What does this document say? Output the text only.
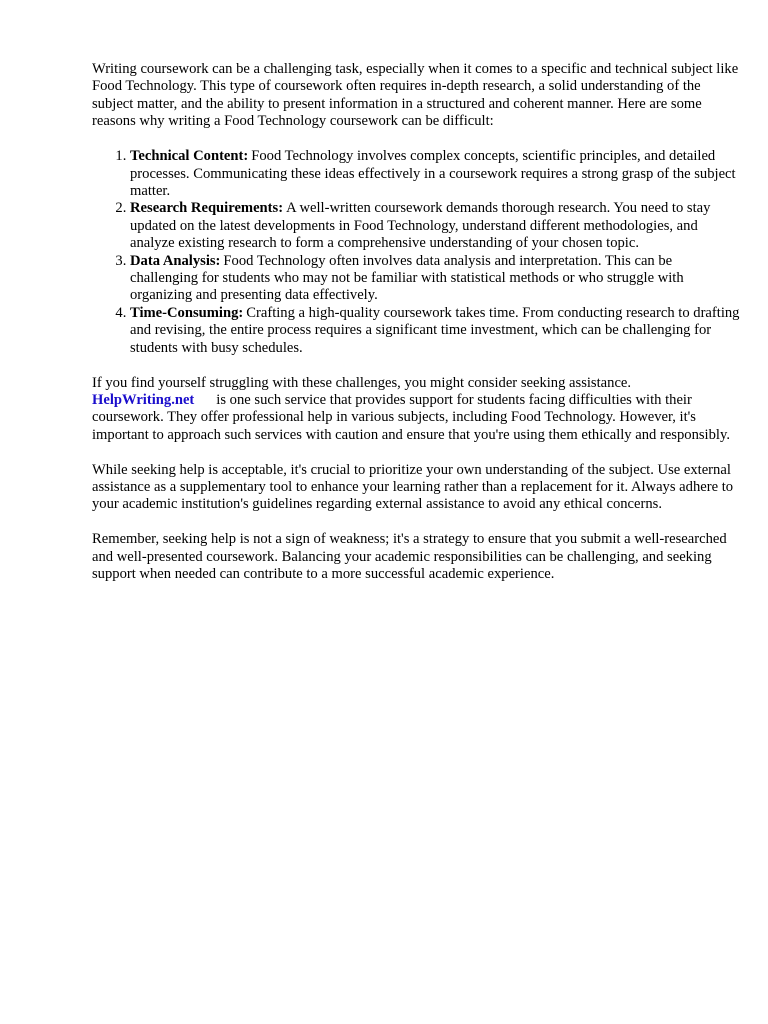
Writing coursework can be a challenging task, especially when it comes to a specific and technical subject like Food Technology. This type of coursework often requires in-depth research, a solid understanding of the subject matter, and the ability to present information in a structured and coherent manner. Here are some reasons why writing a Food Technology coursework can be difficult:

1. Technical Content: Food Technology involves complex concepts, scientific principles, and detailed processes. Communicating these ideas effectively in a coursework requires a strong grasp of the subject matter.
2. Research Requirements: A well-written coursework demands thorough research. You need to stay updated on the latest developments in Food Technology, understand different methodologies, and analyze existing research to form a comprehensive understanding of your chosen topic.
3. Data Analysis: Food Technology often involves data analysis and interpretation. This can be challenging for students who may not be familiar with statistical methods or who struggle with organizing and presenting data effectively.
4. Time-Consuming: Crafting a high-quality coursework takes time. From conducting research to drafting and revising, the entire process requires a significant time investment, which can be challenging for students with busy schedules.

If you find yourself struggling with these challenges, you might consider seeking assistance.
HelpWriting.net is one such service that provides support for students facing difficulties with their coursework. They offer professional help in various subjects, including Food Technology. However, it's important to approach such services with caution and ensure that you're using them ethically and responsibly.

While seeking help is acceptable, it's crucial to prioritize your own understanding of the subject. Use external assistance as a supplementary tool to enhance your learning rather than a replacement for it. Always adhere to your academic institution's guidelines regarding external assistance to avoid any ethical concerns.

Remember, seeking help is not a sign of weakness; it's a strategy to ensure that you submit a well-researched and well-presented coursework. Balancing your academic responsibilities can be challenging, and seeking support when needed can contribute to a more successful academic experience.
